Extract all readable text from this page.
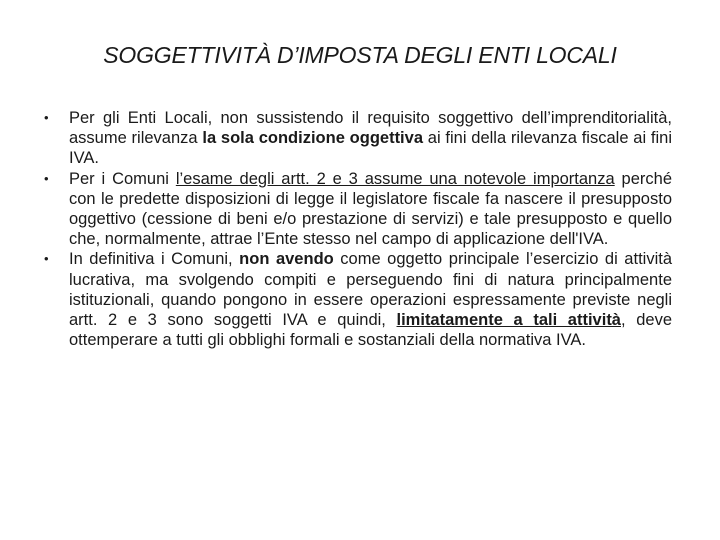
SOGGETTIVITÀ D’IMPOSTA DEGLI ENTI LOCALI
•	Per gli Enti Locali, non sussistendo il requisito soggettivo dell’imprenditorialità, assume rilevanza la sola condizione oggettiva ai fini della rilevanza fiscale ai fini IVA.
•	Per i Comuni l’esame degli artt. 2 e 3 assume una notevole importanza perché con le predette disposizioni di legge il legislatore fiscale fa nascere il presupposto oggettivo (cessione di beni e/o prestazione di servizi) e tale presupposto e quello che, normalmente, attrae l’Ente stesso nel campo di applicazione dell'IVA.
•	In definitiva i Comuni, non avendo come oggetto principale l’esercizio di attività lucrativa, ma svolgendo compiti e perseguendo fini di natura principalmente istituzionali, quando pongono in essere operazioni espressamente previste negli artt. 2 e 3 sono soggetti IVA e quindi, limitatamente a tali attività, deve ottemperare a tutti gli obblighi formali e sostanziali della normativa IVA.
